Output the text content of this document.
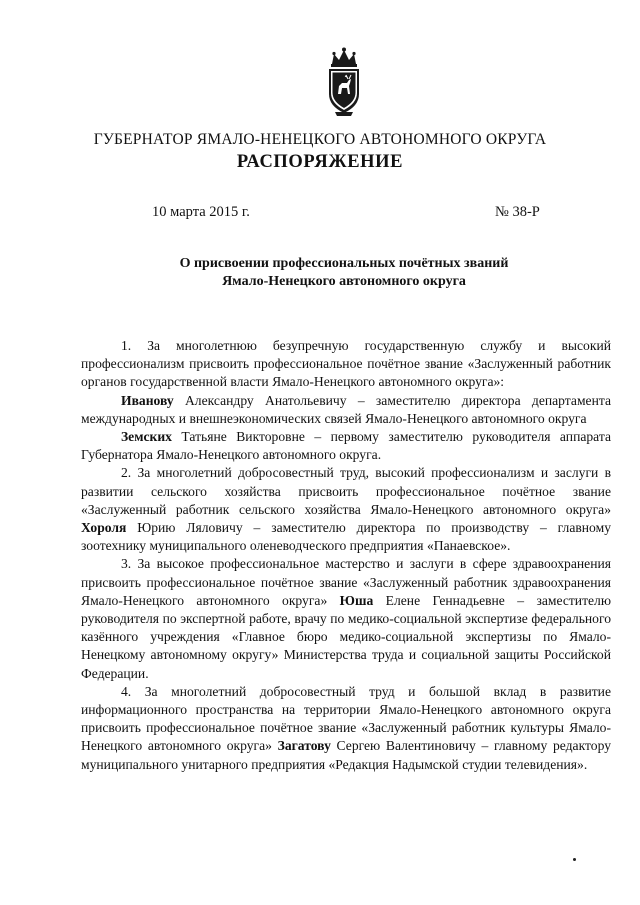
ГУБЕРНАТОР ЯМАЛО-НЕНЕЦКОГО АВТОНОМНОГО ОКРУГА
РАСПОРЯЖЕНИЕ
10 марта 2015 г.	№ 38-Р
О присвоении профессиональных почётных званий
Ямало-Ненецкого автономного округа

1. За многолетнюю безупречную государственную службу и высокий профессионализм присвоить профессиональное почётное звание «Заслуженный работник органов государственной власти Ямало-Ненецкого автономного округа»:

Иванову Александру Анатольевичу – заместителю директора департамента международных и внешнеэкономических связей Ямало-Ненецкого автономного округа

Земских Татьяне Викторовне – первому заместителю руководителя аппарата Губернатора Ямало-Ненецкого автономного округа.

2. За многолетний добросовестный труд, высокий профессионализм и заслуги в развитии сельского хозяйства присвоить профессиональное почётное звание «Заслуженный работник сельского хозяйства Ямало-Ненецкого автономного округа» Хороля Юрию Ляловичу – заместителю директора по производству – главному зоотехнику муниципального оленеводческого предприятия «Панаевское».

3. За высокое профессиональное мастерство и заслуги в сфере здравоохранения присвоить профессиональное почётное звание «Заслуженный работник здравоохранения Ямало-Ненецкого автономного округа» Юша Елене Геннадьевне – заместителю руководителя по экспертной работе, врачу по медико-социальной экспертизе федерального казённого учреждения «Главное бюро медико-социальной экспертизы по Ямало-Ненецкому автономному округу» Министерства труда и социальной защиты Российской Федерации.

4. За многолетний добросовестный труд и большой вклад в развитие информационного пространства на территории Ямало-Ненецкого автономного округа присвоить профессиональное почётное звание «Заслуженный работник культуры Ямало-Ненецкого автономного округа» Загатову Сергею Валентиновичу – главному редактору муниципального унитарного предприятия «Редакция Надымской студии телевидения».
